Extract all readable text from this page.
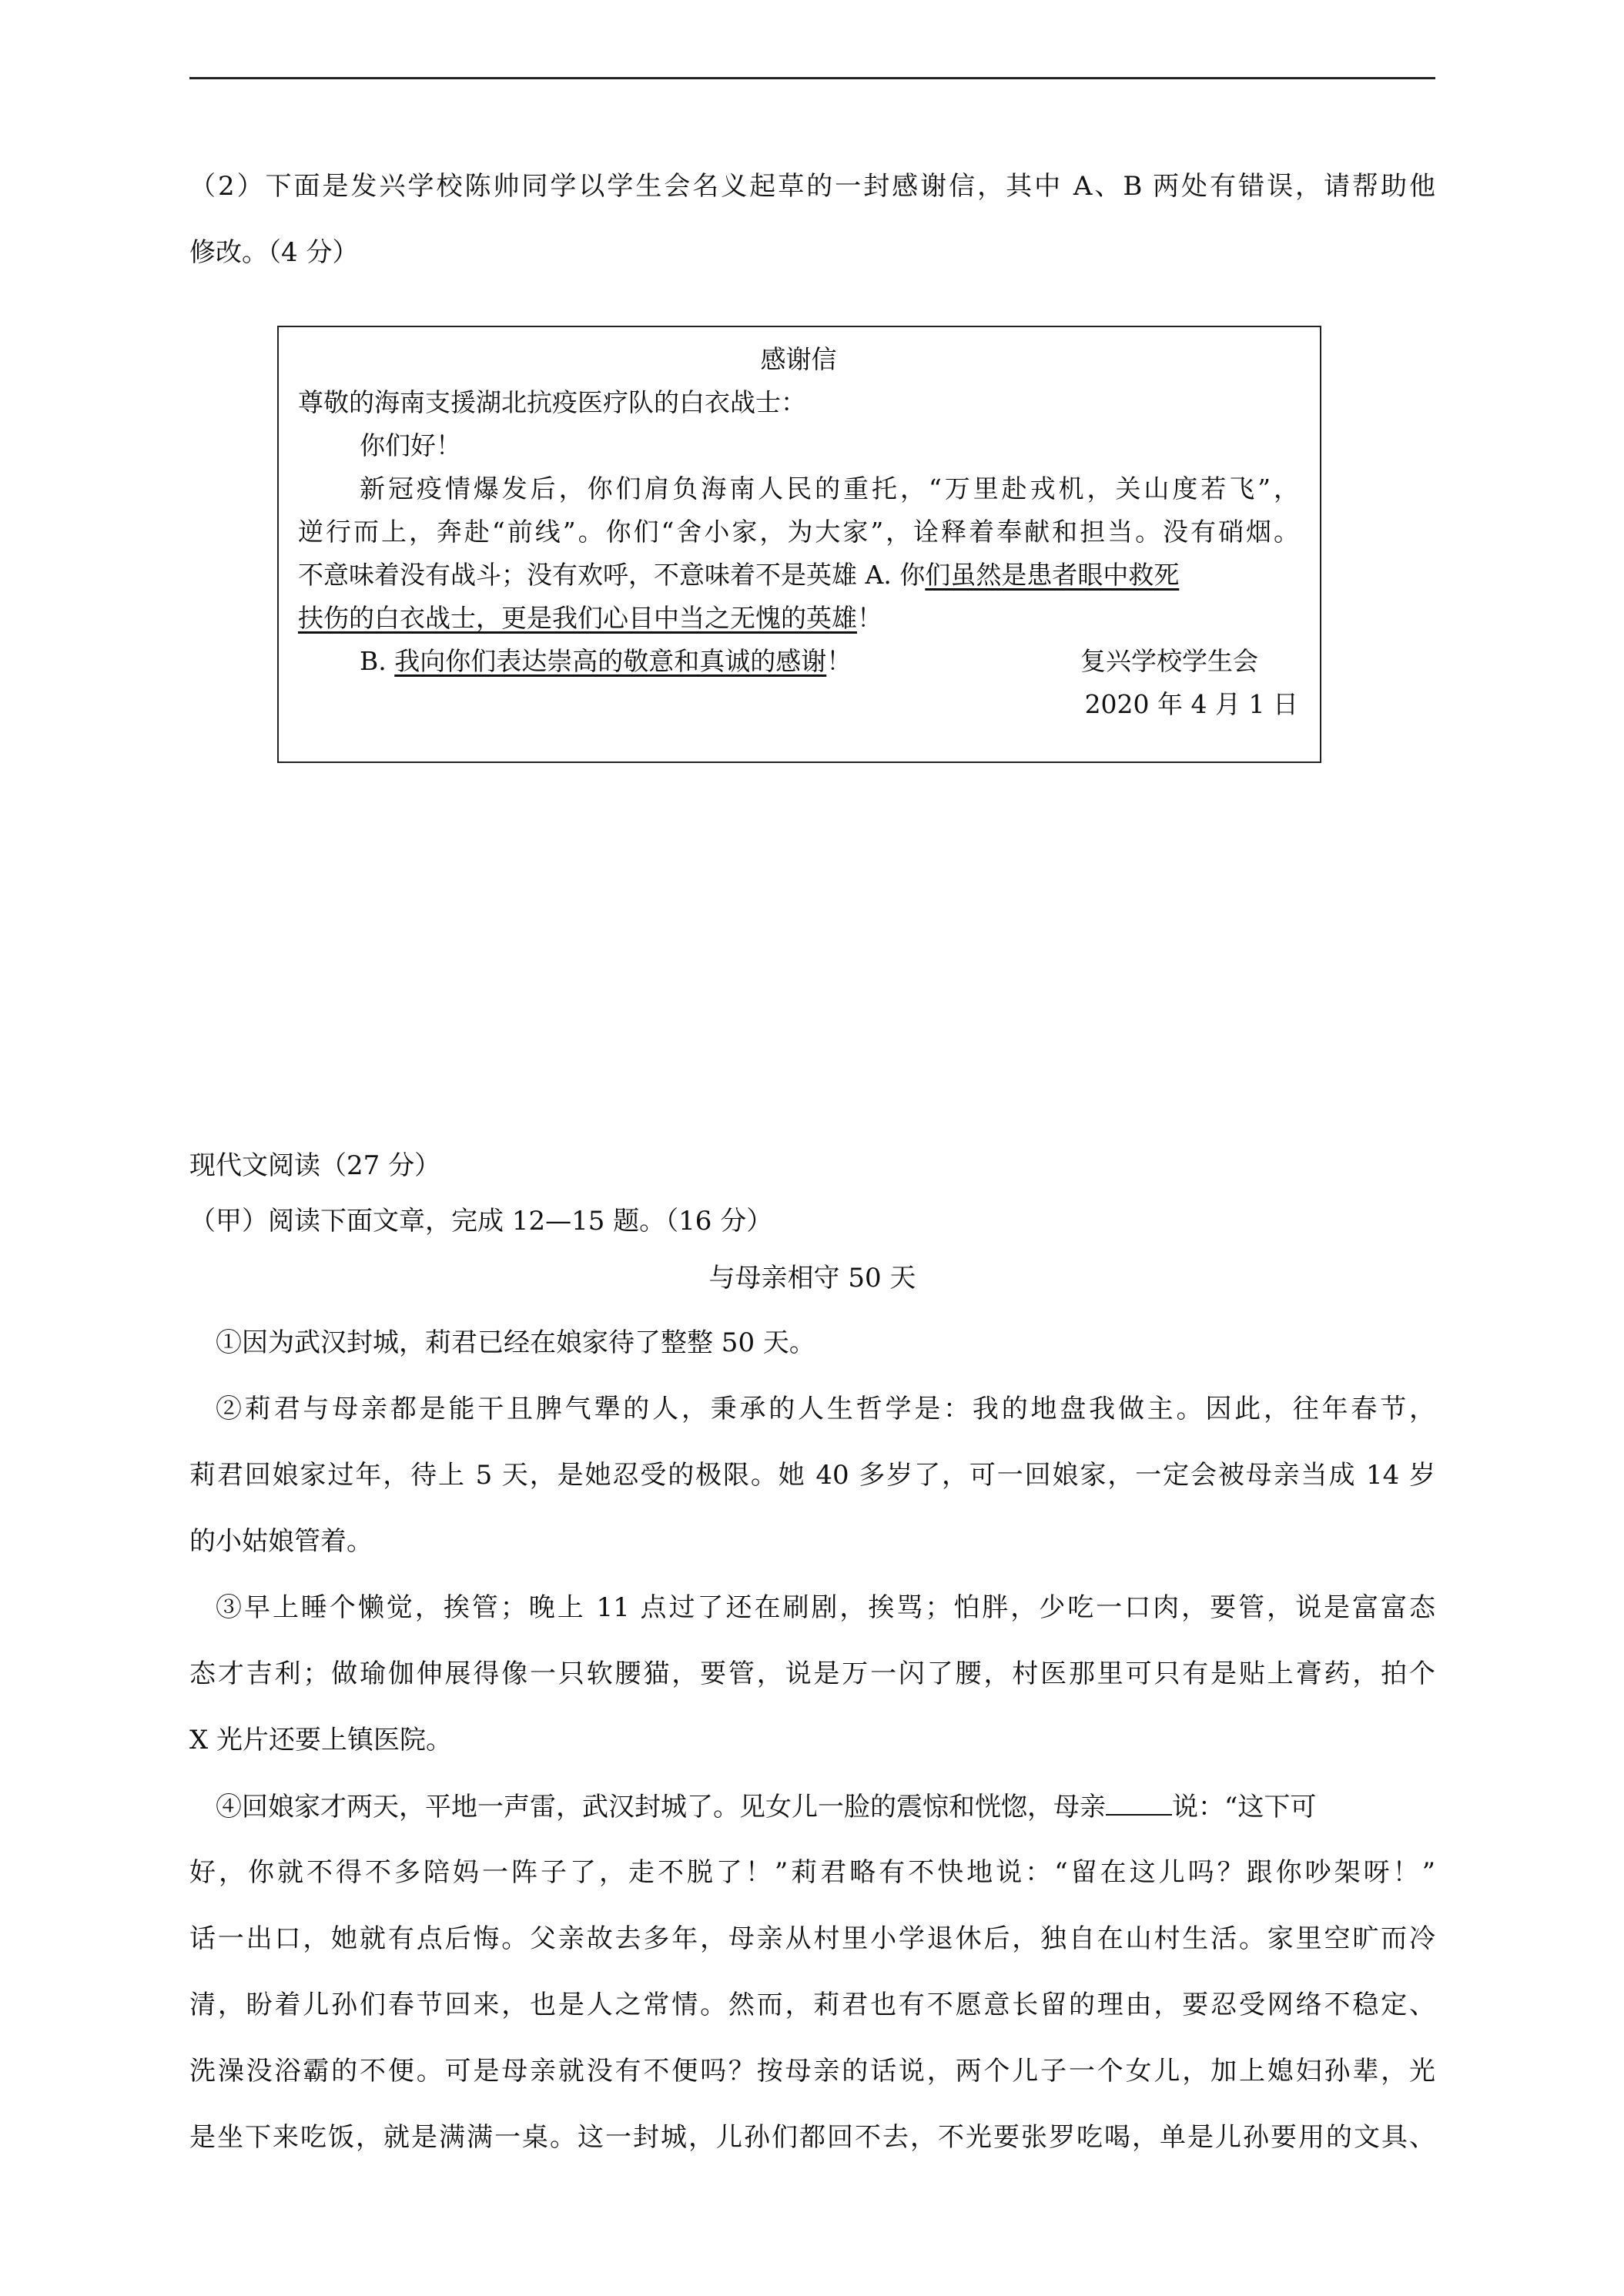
（2）下面是发兴学校陈帅同学以学生会名义起草的一封感谢信，其中 A、B 两处有错误，请帮助他
修改。（4 分）
感谢信
尊敬的海南支援湖北抗疫医疗队的白衣战士：
你们好！
新冠疫情爆发后，你们肩负海南人民的重托，“万里赴戎机，关山度若飞”，
逆行而上，奔赴“前线”。你们“舍小家，为大家”，诠释着奉献和担当。没有硝烟。
不意味着没有战斗；没有欢呼，不意味着不是英雄 A. 你们虽然是患者眼中救死
扶伤的白衣战士，更是我们心目中当之无愧的英雄！
B. 我向你们表达崇高的敬意和真诚的感谢！	复兴学校学生会
2020 年 4 月 1 日
现代文阅读（27 分）
（甲）阅读下面文章，完成 12—15 题。（16 分）
与母亲相守 50 天
①因为武汉封城，莉君已经在娘家待了整整 50 天。
②莉君与母亲都是能干且脾气犟的人，秉承的人生哲学是：我的地盘我做主。因此，往年春节，
莉君回娘家过年，待上 5 天，是她忍受的极限。她 40 多岁了，可一回娘家，一定会被母亲当成 14 岁
的小姑娘管着。
③早上睡个懒觉，挨管；晚上 11 点过了还在刷剧，挨骂；怕胖，少吃一口肉，要管，说是富富态
态才吉利；做瑜伽伸展得像一只软腰猫，要管，说是万一闪了腰，村医那里可只有是贴上膏药，拍个
X 光片还要上镇医院。
④回娘家才两天，平地一声雷，武汉封城了。见女儿一脸的震惊和恍惚，母亲	说：“这下可
好，你就不得不多陪妈一阵子了，走不脱了！”莉君略有不快地说：“留在这儿吗？跟你吵架呀！”
话一出口，她就有点后悔。父亲故去多年，母亲从村里小学退休后，独自在山村生活。家里空旷而冷
清，盼着儿孙们春节回来，也是人之常情。然而，莉君也有不愿意长留的理由，要忍受网络不稳定、
洗澡没浴霸的不便。可是母亲就没有不便吗？按母亲的话说，两个儿子一个女儿，加上媳妇孙辈，光
是坐下来吃饭，就是满满一桌。这一封城，儿孙们都回不去，不光要张罗吃喝，单是儿孙要用的文具、
